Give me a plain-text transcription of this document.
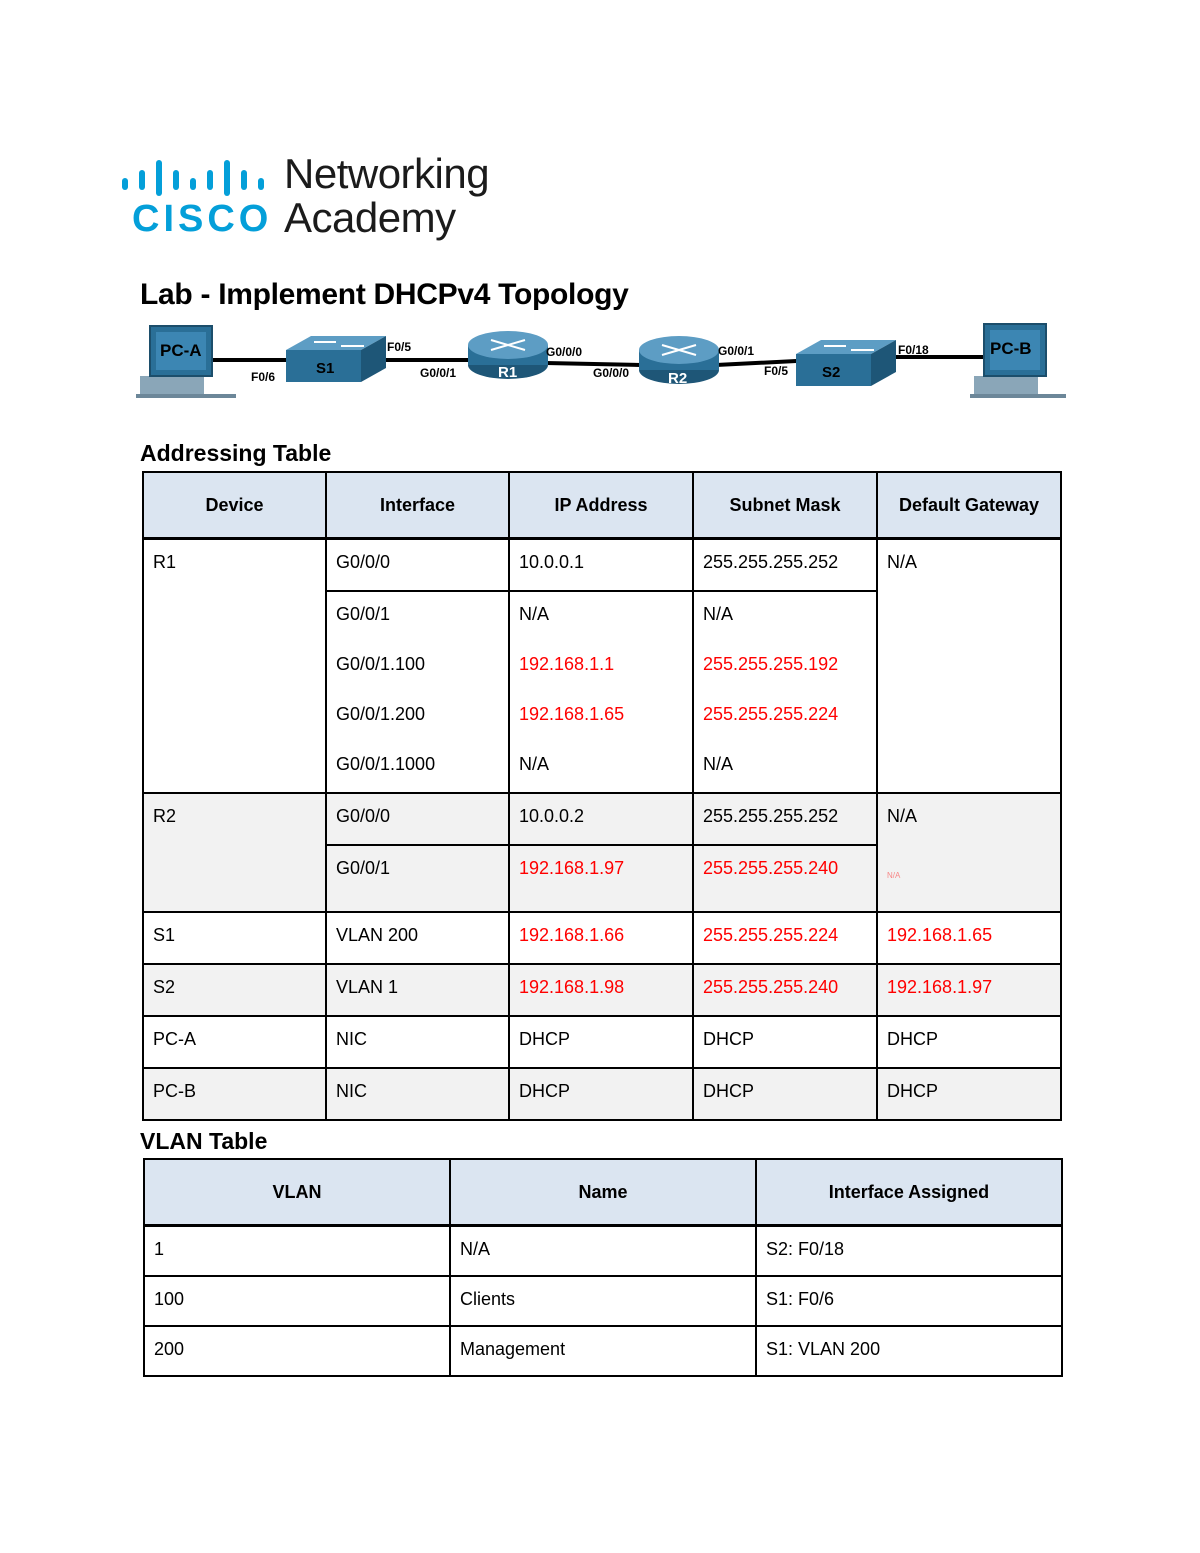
CISCO
Networking
Academy
Lab - Implement DHCPv4 Topology
PC-A
S1	R1	R2	S2
PC-B
F0/6
F0/5
G0/0/1
G0/0/0
G0/0/0
G0/0/1
F0/5
F0/18
Addressing Table
Device	Interface	IP Address	Subnet Mask	Default Gateway
R1	G0/0/0	10.0.0.1	255.255.255.252	N/A
	G0/0/1	N/A	N/A	
	G0/0/1.100	192.168.1.1	255.255.255.192	
	G0/0/1.200	192.168.1.65	255.255.255.224	
	G0/0/1.1000	N/A	N/A	
R2	G0/0/0	10.0.0.2	255.255.255.252	N/A
	G0/0/1	192.168.1.97	255.255.255.240	N/A

S1	VLAN 200	192.168.1.66	255.255.255.224	192.168.1.65
S2	VLAN 1	192.168.1.98	255.255.255.240	192.168.1.97
PC-A	NIC	DHCP	DHCP	DHCP
PC-B	NIC	DHCP	DHCP	DHCP
VLAN Table
VLAN	Name	Interface Assigned
1	N/A	S2: F0/18
100	Clients	S1: F0/6
200	Management	S1: VLAN 200
